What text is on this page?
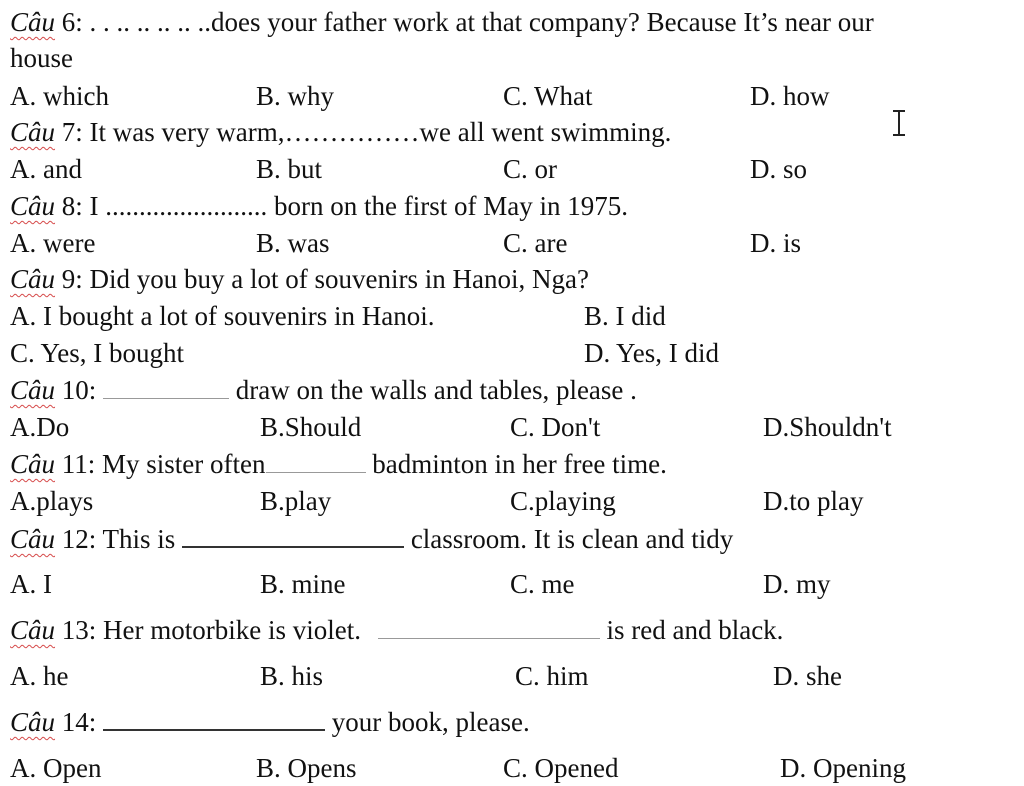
Câu 6: . . .. .. .. .. ..does your father work at that company? Because It’s near our
house
A. which	B. why	C. What	D. how
Câu 7: It was very warm,……………we all went swimming.
A. and	B. but	C. or	D. so
Câu 8: I ........................ born on the first of May in 1975.
A. were	B. was	C. are	D. is
Câu 9: Did you buy a lot of souvenirs in Hanoi, Nga?
A. I bought a lot of souvenirs in Hanoi.	B. I did
C. Yes, I bought	D. Yes, I did
Câu 10:	draw on the walls and tables, please .
A.Do	B.Should	C. Don't	D.Shouldn't
Câu 11: My sister often	badminton in her free time.
A.plays	B.play	C.playing	D.to play
Câu 12: This is	classroom. It is clean and tidy
A. I	B. mine	C. me	D. my
Câu 13: Her motorbike is violet.	is red and black.
A. he	B. his	C. him	D. she
Câu 14:	your book, please.
A. Open	B. Opens	C. Opened	D. Opening
